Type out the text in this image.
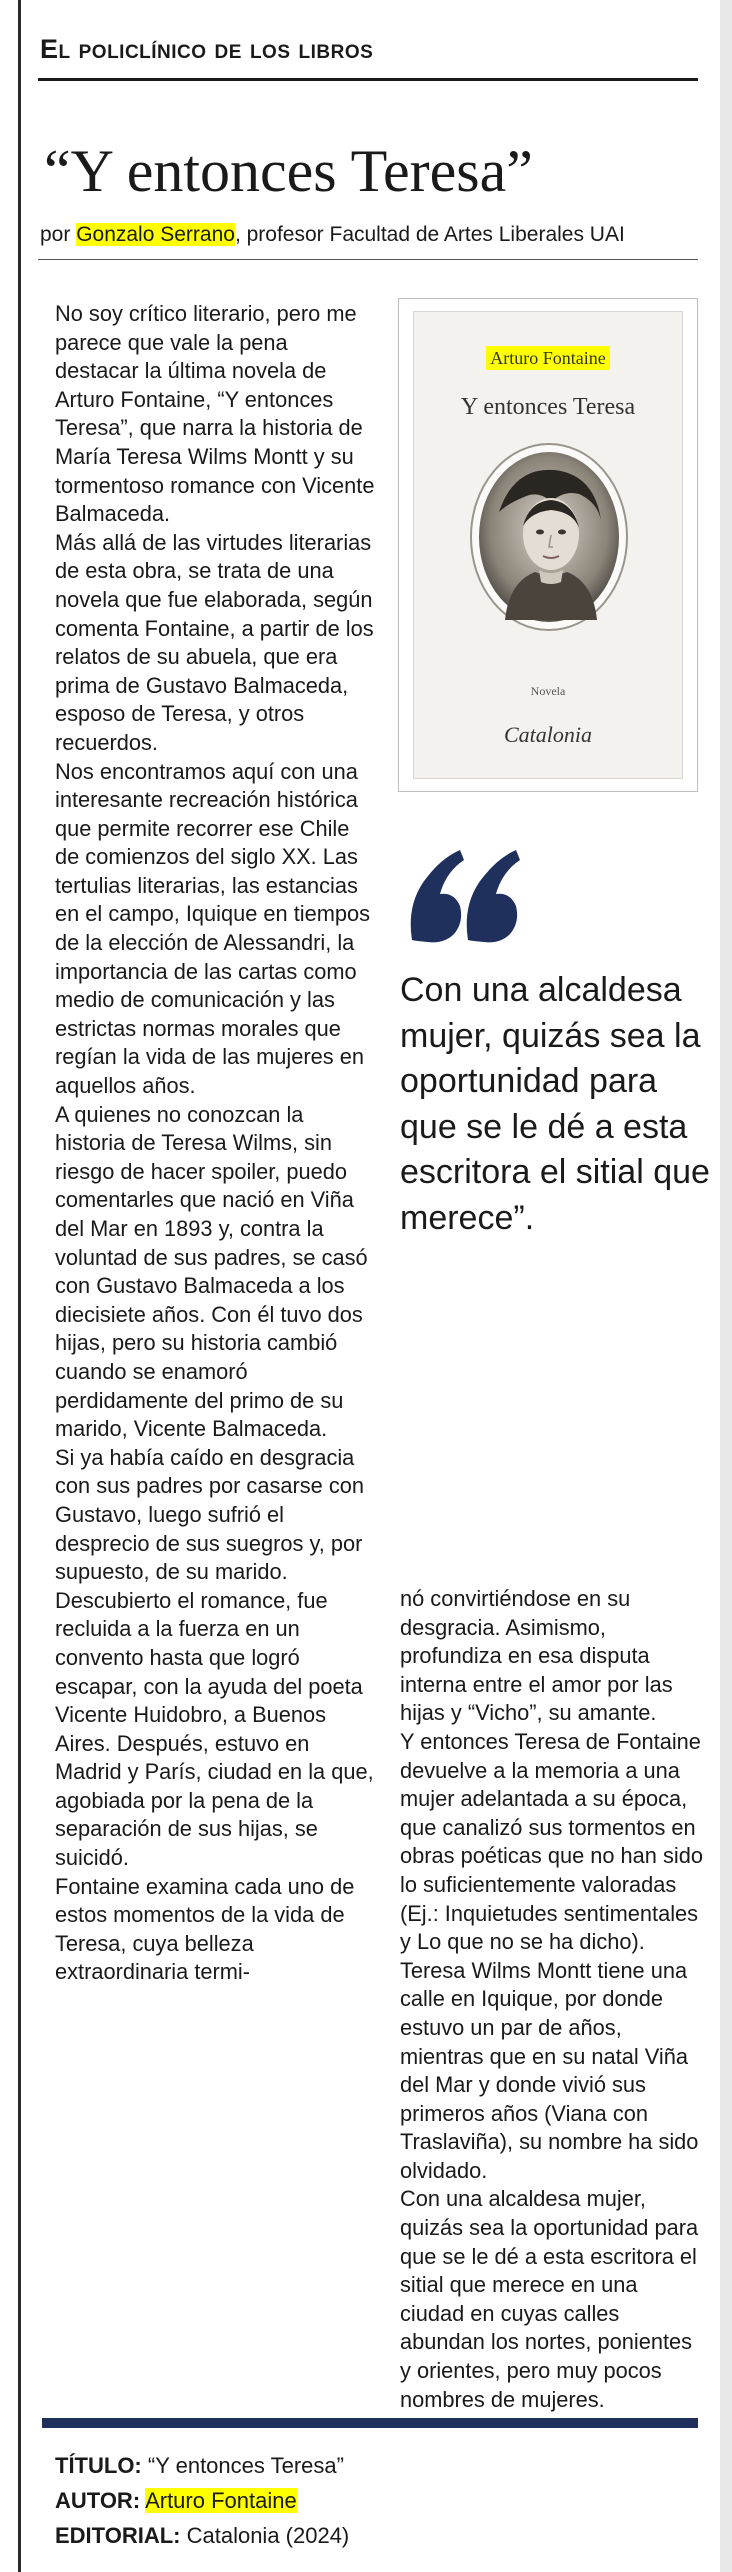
El policlínico de los libros
“Y entonces Teresa”
por Gonzalo Serrano, profesor Facultad de Artes Liberales UAI

No soy crítico literario, pero me parece que vale la pena destacar la última novela de Arturo Fontaine, “Y entonces Teresa”, que narra la historia de María Teresa Wilms Montt y su tormentoso romance con Vicente Balmaceda.

Más allá de las virtudes literarias de esta obra, se trata de una novela que fue elaborada, según comenta Fontaine, a partir de los relatos de su abuela, que era prima de Gustavo Balmaceda, esposo de Teresa, y otros recuerdos.

Nos encontramos aquí con una interesante recreación histórica que permite recorrer ese Chile de comienzos del siglo XX. Las tertulias literarias, las estancias en el campo, Iquique en tiempos de la elección de Alessandri, la importancia de las cartas como medio de comunicación y las estrictas normas morales que regían la vida de las mujeres en aquellos años.

A quienes no conozcan la historia de Teresa Wilms, sin riesgo de hacer spoiler, puedo comentarles que nació en Viña del Mar en 1893 y, contra la voluntad de sus padres, se casó con Gustavo Balmaceda a los diecisiete años. Con él tuvo dos hijas, pero su historia cambió cuando se enamoró perdidamente del primo de su marido, Vicente Balmaceda.

Si ya había caído en desgracia con sus padres por casarse con Gustavo, luego sufrió el desprecio de sus suegros y, por supuesto, de su marido. Descubierto el romance, fue recluida a la fuerza en un convento hasta que logró escapar, con la ayuda del poeta Vicente Huidobro, a Buenos Aires. Después, estuvo en Madrid y París, ciudad en la que, agobiada por la pena de la separación de sus hijas, se suicidó.

Fontaine examina cada uno de estos momentos de la vida de Teresa, cuya belleza extraordinaria termi-

Arturo Fontaine
Y entonces Teresa
Novela
Catalonia
Con una alcaldesa mujer, quizás sea la oportunidad para que se le dé a esta escritora el sitial que merece”.

nó convirtiéndose en su desgracia. Asimismo, profundiza en esa disputa interna entre el amor por las hijas y “Vicho”, su amante.

Y entonces Teresa de Fontaine devuelve a la memoria a una mujer adelantada a su época, que canalizó sus tormentos en obras poéticas que no han sido lo suficientemente valoradas (Ej.: Inquietudes sentimentales y Lo que no se ha dicho).

Teresa Wilms Montt tiene una calle en Iquique, por donde estuvo un par de años, mientras que en su natal Viña del Mar y donde vivió sus primeros años (Viana con Traslaviña), su nombre ha sido olvidado.

Con una alcaldesa mujer, quizás sea la oportunidad para que se le dé a esta escritora el sitial que merece en una ciudad en cuyas calles abundan los nortes, ponientes y orientes, pero muy pocos nombres de mujeres.

TÍTULO: “Y entonces Teresa”
AUTOR: Arturo Fontaine
EDITORIAL: Catalonia (2024)
